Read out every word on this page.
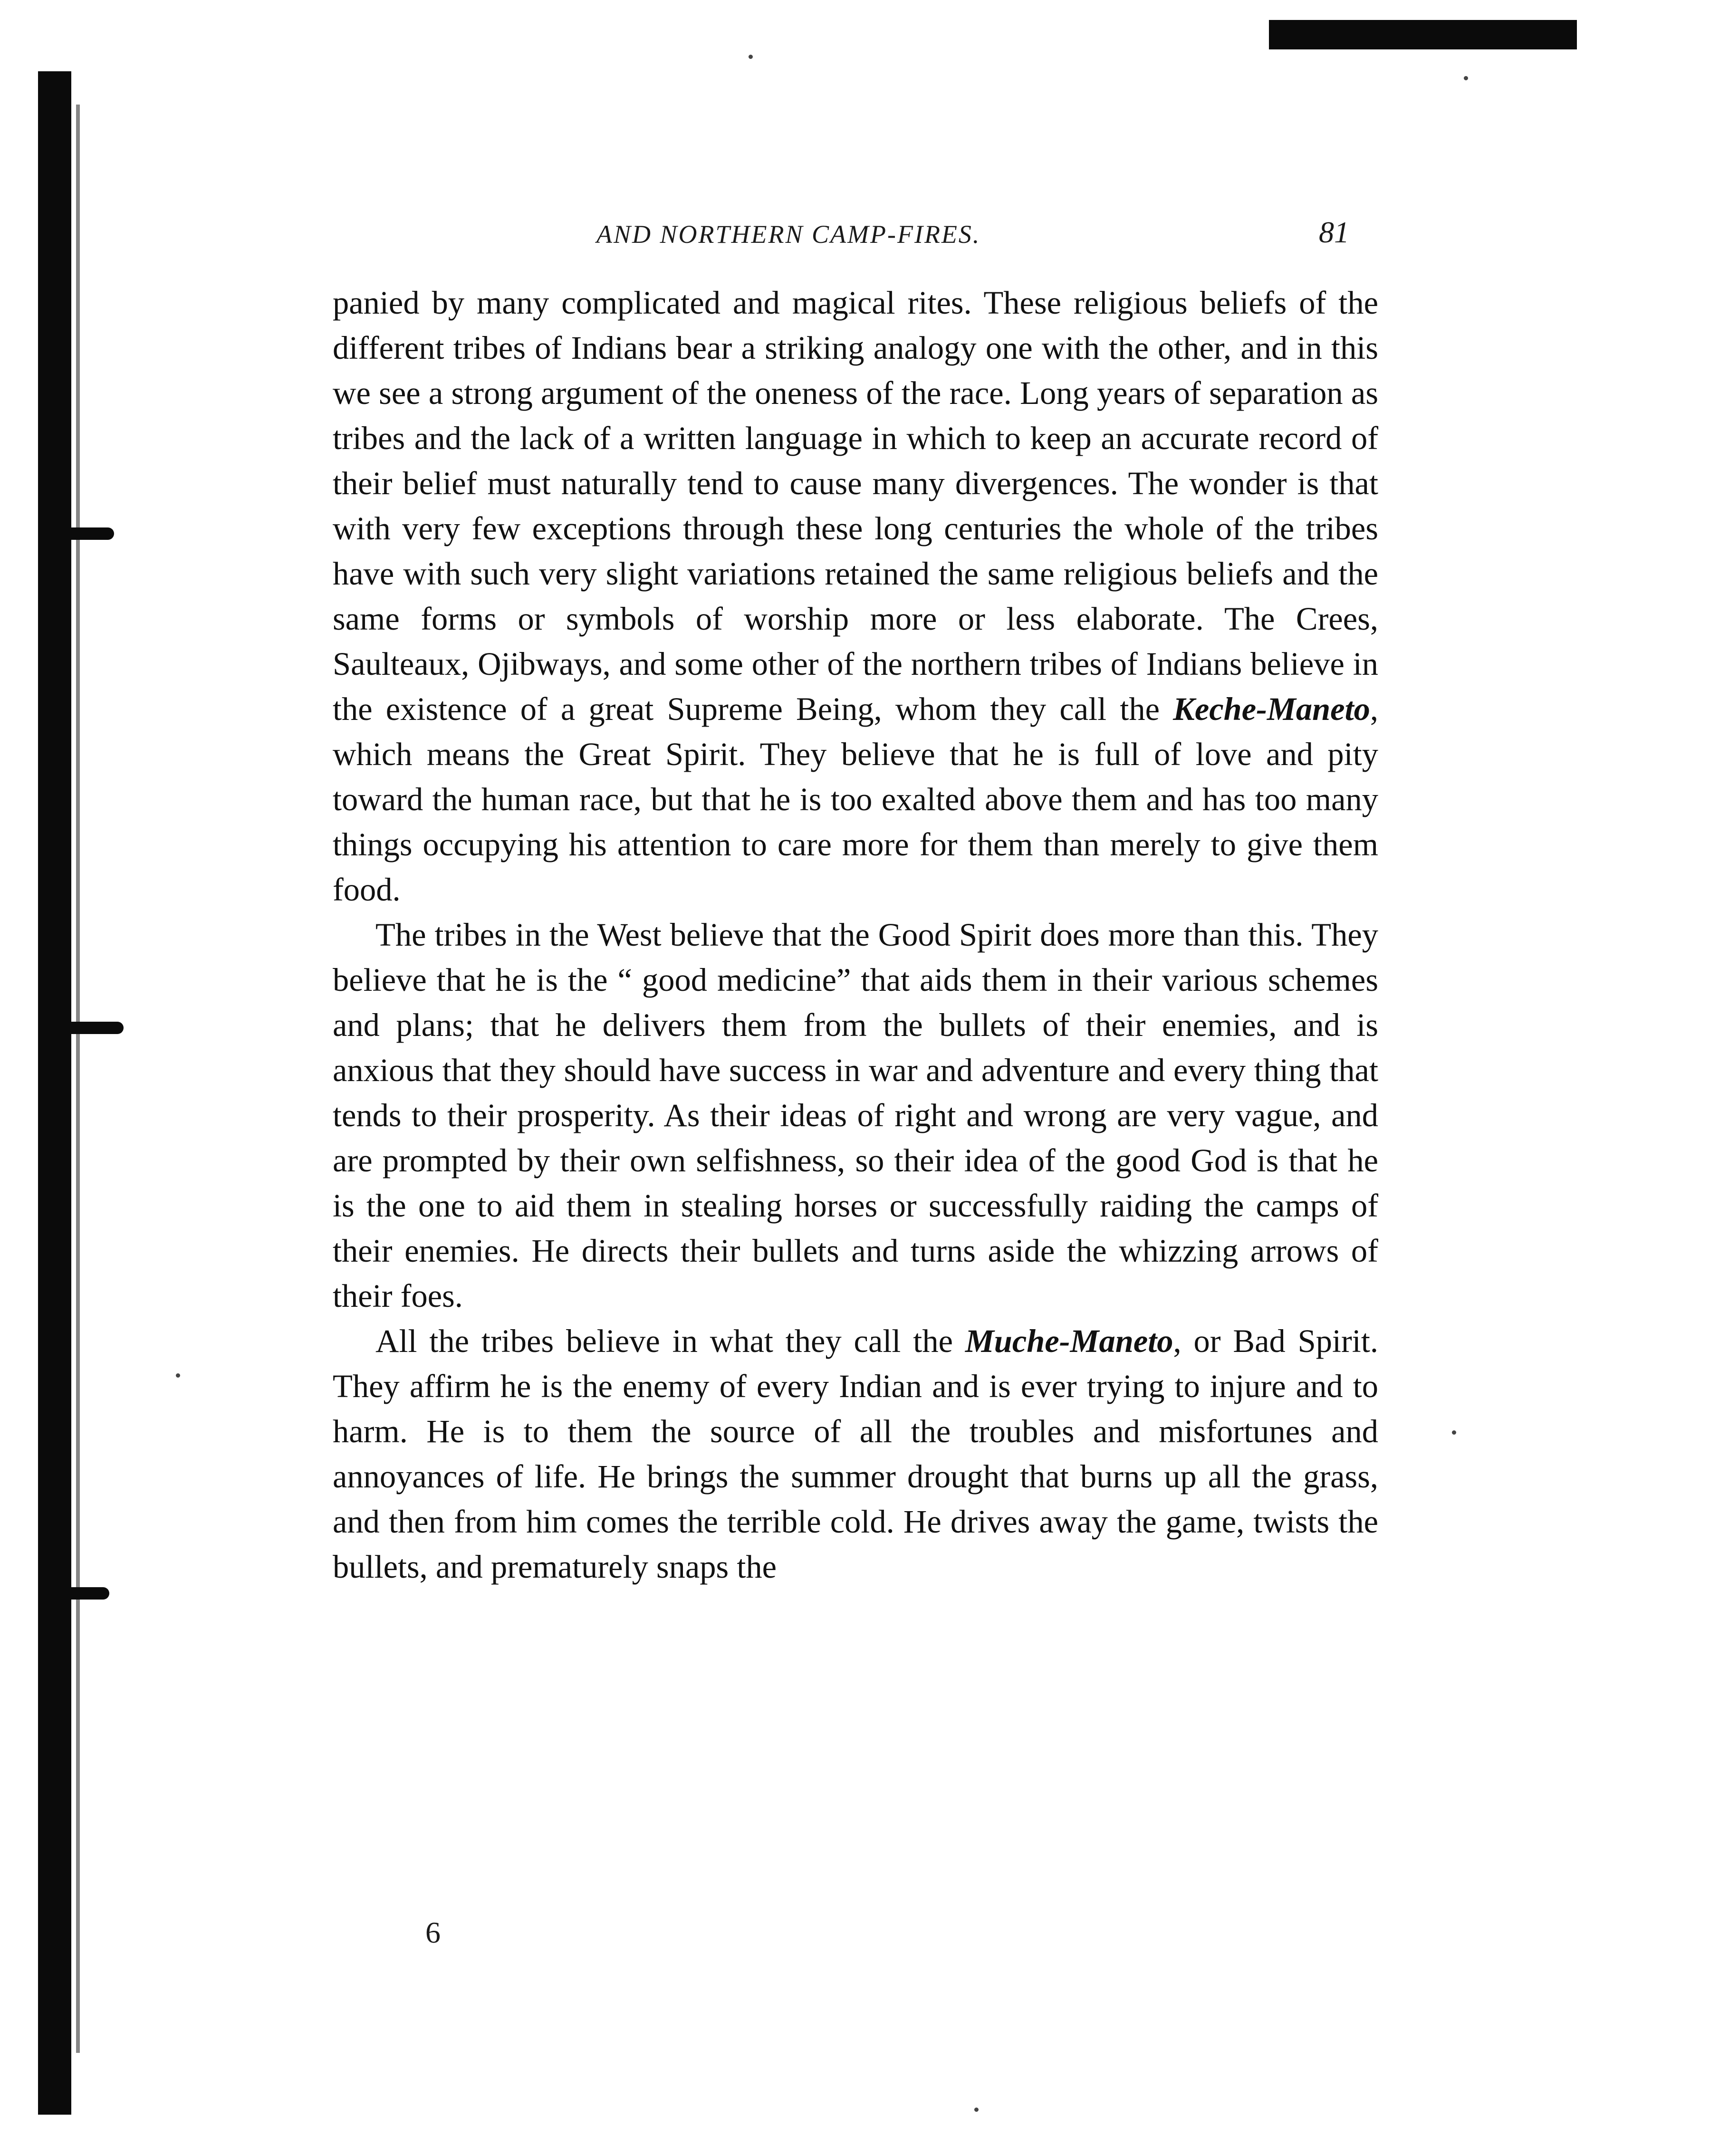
AND NORTHERN CAMP-FIRES.	81

panied by many complicated and magical rites. These religious beliefs of the different tribes of Indians bear a striking analogy one with the other, and in this we see a strong argument of the oneness of the race. Long years of separation as tribes and the lack of a written language in which to keep an accurate record of their belief must naturally tend to cause many divergences. The wonder is that with very few exceptions through these long centuries the whole of the tribes have with such very slight variations retained the same religious beliefs and the same forms or symbols of worship more or less elaborate. The Crees, Saulteaux, Ojibways, and some other of the northern tribes of Indians believe in the existence of a great Supreme Being, whom they call the Keche-Maneto, which means the Great Spirit. They believe that he is full of love and pity toward the human race, but that he is too exalted above them and has too many things occupying his attention to care more for them than merely to give them food.

The tribes in the West believe that the Good Spirit does more than this. They believe that he is the “ good medicine” that aids them in their various schemes and plans; that he delivers them from the bullets of their enemies, and is anxious that they should have success in war and adventure and every thing that tends to their prosperity. As their ideas of right and wrong are very vague, and are prompted by their own selfishness, so their idea of the good God is that he is the one to aid them in stealing horses or successfully raiding the camps of their enemies. He directs their bullets and turns aside the whizzing arrows of their foes.

All the tribes believe in what they call the Muche-Maneto, or Bad Spirit. They affirm he is the enemy of every Indian and is ever trying to injure and to harm. He is to them the source of all the troubles and misfortunes and annoyances of life. He brings the summer drought that burns up all the grass, and then from him comes the terrible cold. He drives away the game, twists the bullets, and prematurely snaps the

6
